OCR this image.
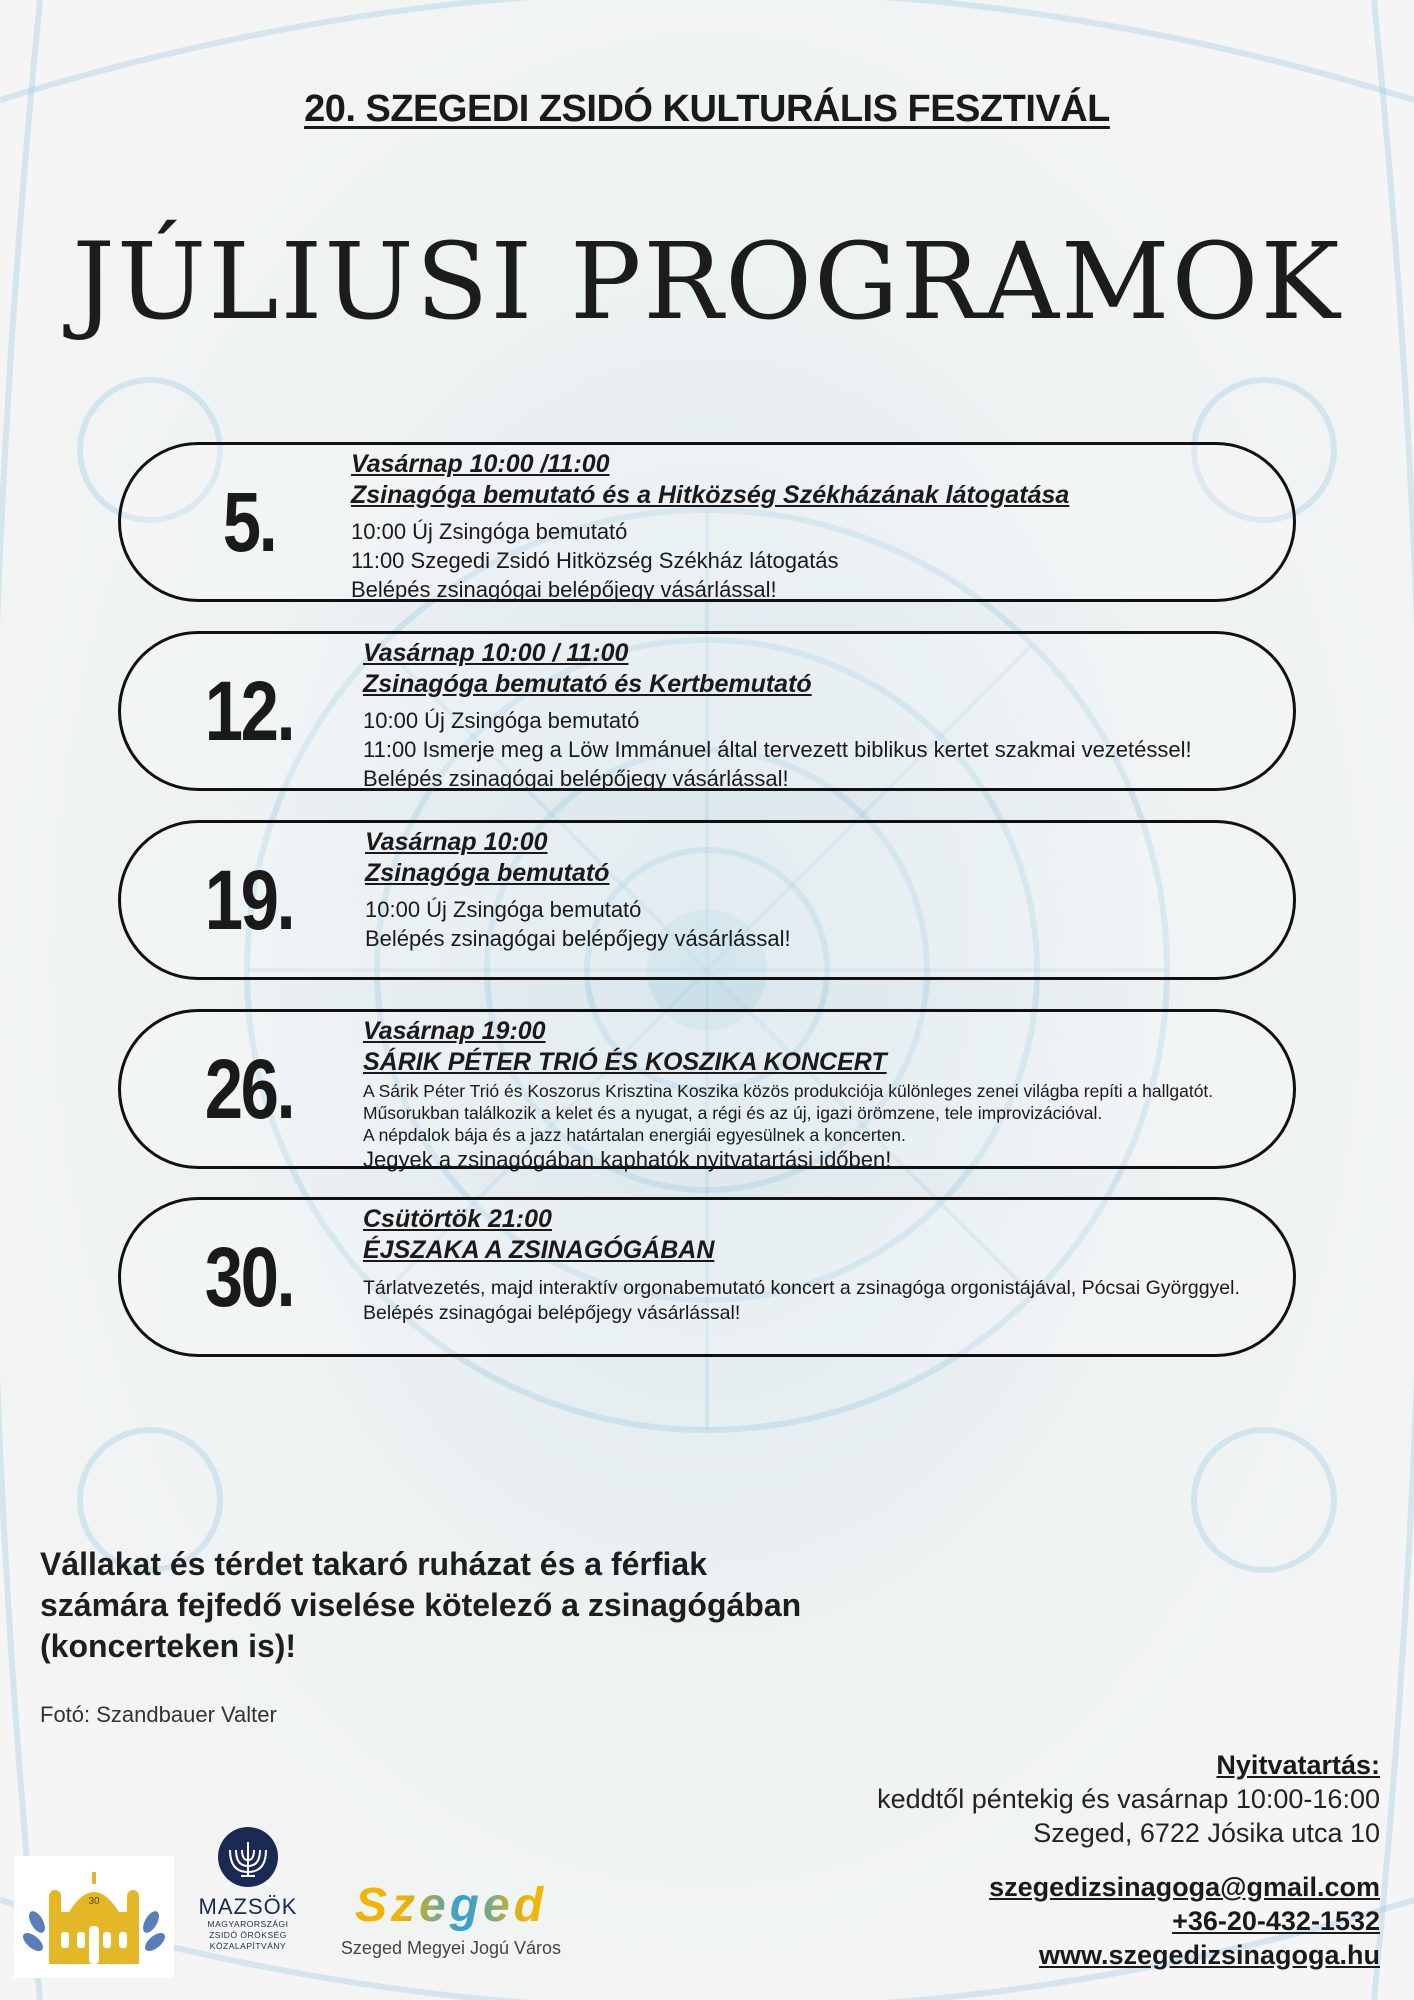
20. SZEGEDI ZSIDÓ KULTURÁLIS FESZTIVÁL
JÚLIUSI PROGRAMOK
5.
Vasárnap 10:00 /11:00
Zsinagóga bemutató és a Hitközség Székházának látogatása
10:00 Új Zsingóga bemutató
11:00 Szegedi Zsidó Hitközség Székház látogatás
Belépés zsinagógai belépőjegy vásárlással!
12.
Vasárnap 10:00 / 11:00
Zsinagóga bemutató és Kertbemutató
10:00 Új Zsingóga bemutató
11:00 Ismerje meg a Löw Immánuel által tervezett biblikus kertet szakmai vezetéssel!
Belépés zsinagógai belépőjegy vásárlással!
19.
Vasárnap 10:00
Zsinagóga bemutató
10:00 Új Zsingóga bemutató
Belépés zsinagógai belépőjegy vásárlással!
26.
Vasárnap 19:00
SÁRIK PÉTER TRIÓ ÉS KOSZIKA KONCERT
A Sárik Péter Trió és Koszorus Krisztina Koszika közös produkciója különleges zenei világba repíti a hallgatót.
Műsorukban találkozik a kelet és a nyugat, a régi és az új, igazi örömzene, tele improvizációval.
A népdalok bája és a jazz határtalan energiái egyesülnek a koncerten.
Jegyek a zsinagógában kaphatók nyitvatartási időben!
30.
Csütörtök 21:00
ÉJSZAKA A ZSINAGÓGÁBAN
Tárlatvezetés, majd interaktív orgonabemutató koncert a zsinagóga orgonistájával, Pócsai Györggyel.
Belépés zsinagógai belépőjegy vásárlással!
Vállakat és térdet takaró ruházat és a férfiak számára fejfedő viselése kötelező a zsinagógában (koncerteken is)!
Fotó: Szandbauer Valter
Nyitvatartás:
keddtől péntekig és vasárnap 10:00-16:00
Szeged, 6722 Jósika utca 10
szegedizsinagoga@gmail.com
+36-20-432-1532
www.szegedizsinagoga.hu
30	MAZSÖK
MAGYARORSZÁGI
ZSIDÓ ÖRÖKSÉG
KÖZALAPÍTVÁNY
Szeged
Szeged Megyei Jogú Város
